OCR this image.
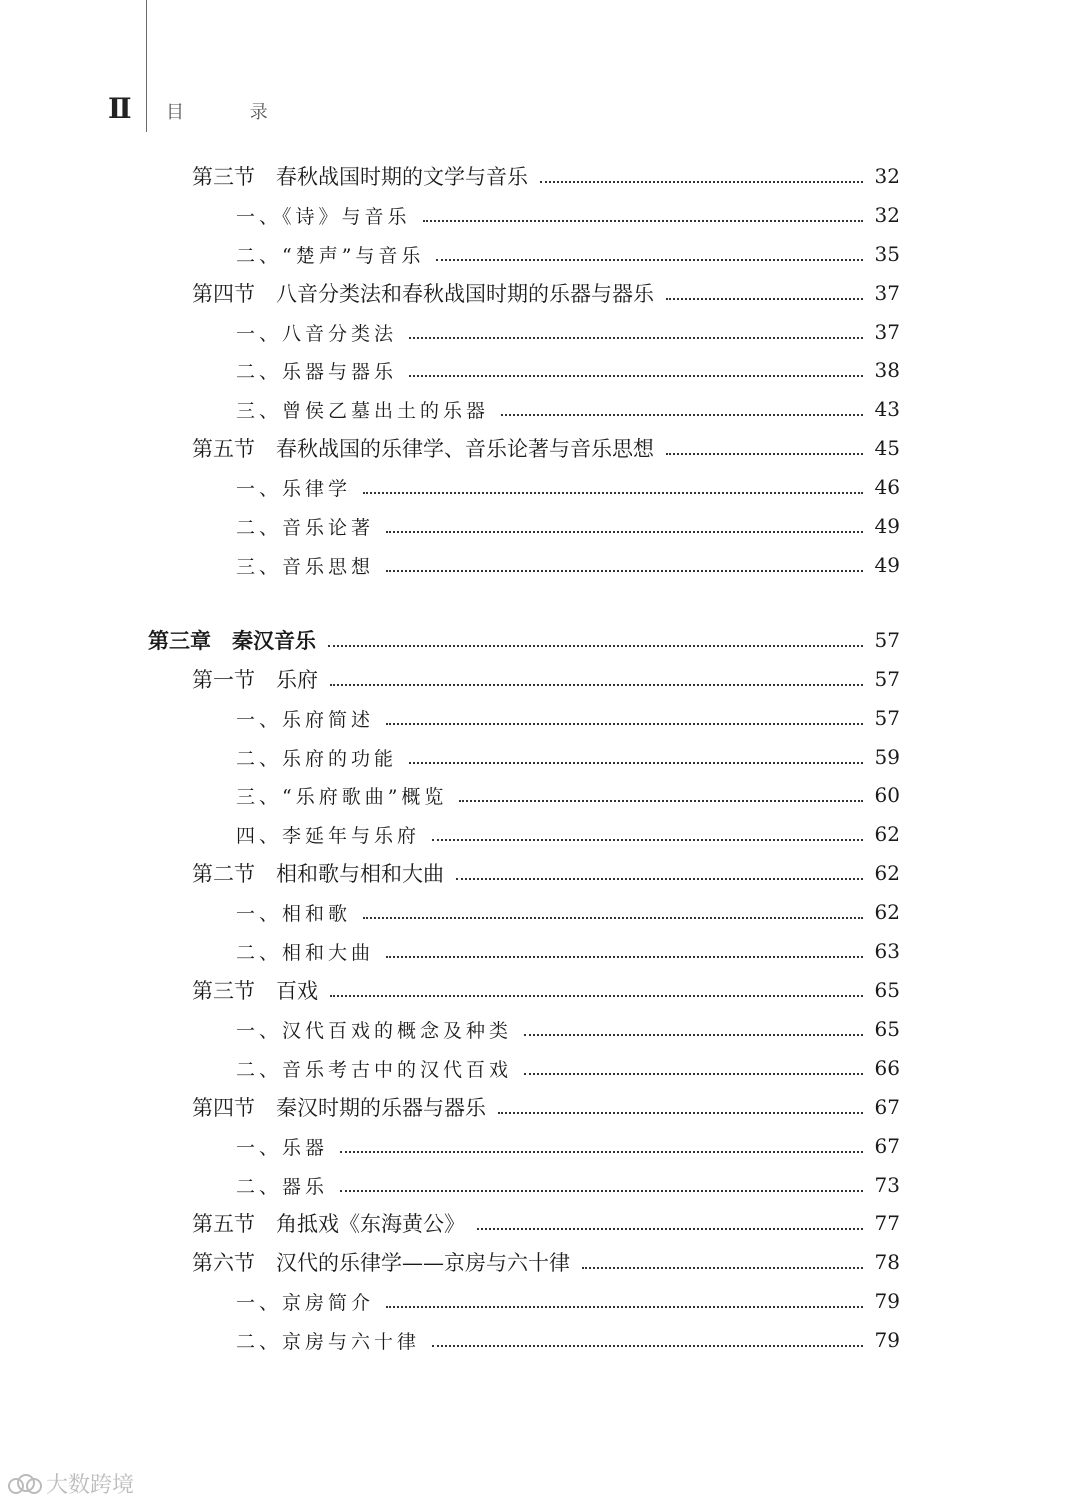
Ⅱ 目 录
第三节　春秋战国时期的文学与音乐	32
一、《诗》与音乐	32
二、“楚声”与音乐	35
第四节　八音分类法和春秋战国时期的乐器与器乐	37
一、八音分类法	37
二、乐器与器乐	38
三、曾侯乙墓出土的乐器	43
第五节　春秋战国的乐律学、音乐论著与音乐思想	45
一、乐律学	46
二、音乐论著	49
三、音乐思想	49
第三章　秦汉音乐	57
第一节　乐府	57
一、乐府简述	57
二、乐府的功能	59
三、“乐府歌曲”概览	60
四、李延年与乐府	62
第二节　相和歌与相和大曲	62
一、相和歌	62
二、相和大曲	63
第三节　百戏	65
一、汉代百戏的概念及种类	65
二、音乐考古中的汉代百戏	66
第四节　秦汉时期的乐器与器乐	67
一、乐器	67
二、器乐	73
第五节　角抵戏《东海黄公》	77
第六节　汉代的乐律学——京房与六十律	78
一、京房简介	79
二、京房与六十律	79
大数跨境
